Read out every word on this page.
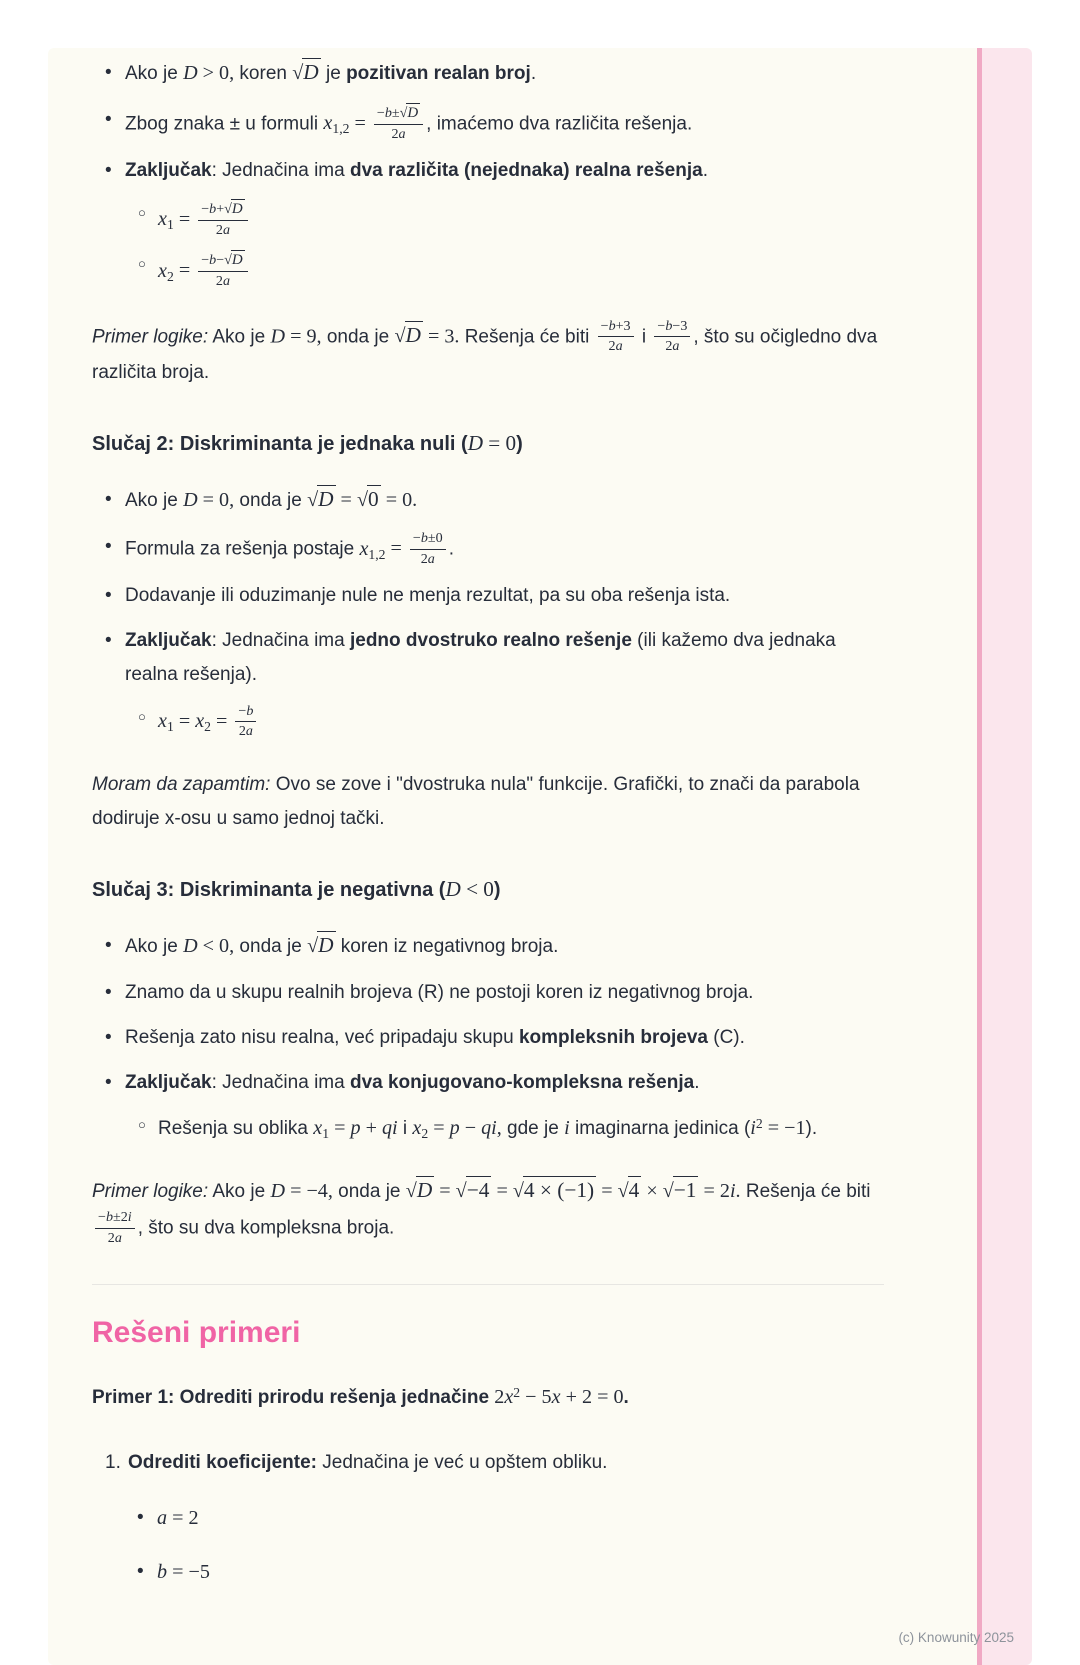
• Ako je D > 0, koren √D je pozitivan realan broj.
• Zbog znaka ± u formuli $x_{1,2} = \frac{-b\pm√D}{2a}$ , imaćemo dva različita rešenja.
• Zaključak: Jednačina ima dva različita (nejednaka) realna rešenja.
○ $x_1 = \frac{-b+√D}{2a}$
○ $x_2 = \frac{-b-√D}{2a}$

Primer logike: Ako je D = 9, onda je √D = 3. Rešenja će biti $\frac{-b+3}{2a}$ i $\frac{-b-3}{2a}$ , što su očigledno dva različita broja.

Slučaj 2: Diskriminanta je jednaka nuli (D = 0)
• Ako je D = 0, onda je √D = √0 = 0.
• Formula za rešenja postaje $x_{1,2} = \frac{-b\pm 0}{2a}$ .
• Dodavanje ili oduzimanje nule ne menja rezultat, pa su oba rešenja ista.
• Zaključak: Jednačina ima jedno dvostruko realno rešenje (ili kažemo dva jednaka realna rešenja).
○ $x_1 = x_2 = \frac{-b}{2a}$

Moram da zapamtim: Ovo se zove i "dvostruka nula" funkcije. Grafički, to znači da parabola dodiruje x-osu u samo jednoj tački.

Slučaj 3: Diskriminanta je negativna (D < 0)
• Ako je D < 0, onda je √D koren iz negativnog broja.
• Znamo da u skupu realnih brojeva (R) ne postoji koren iz negativnog broja.
• Rešenja zato nisu realna, već pripadaju skupu kompleksnih brojeva (C).
• Zaključak: Jednačina ima dva konjugovano-kompleksna rešenja.
○ Rešenja su oblika $x_1 = p$ + qi i $x_2 = p$ − qi, gde je i imaginarna jedinica $(i^2 = -1)$.

Primer logike: Ako je D = −4, onda je √D = √−4 = √4 × (−1) = √4 × √−1 = 2i. Rešenja će biti
$\frac{-b\pm 2i}{2a}$ , što su dva kompleksna broja.

Rešeni primeri

Primer 1: Odrediti prirodu rešenja jednačine $2x^2 - 5x + 2 = 0$.

1. Odrediti koeficijente: Jednačina je već u opštem obliku.
• a = 2
• b = −5
(c) Knowunity 2025
